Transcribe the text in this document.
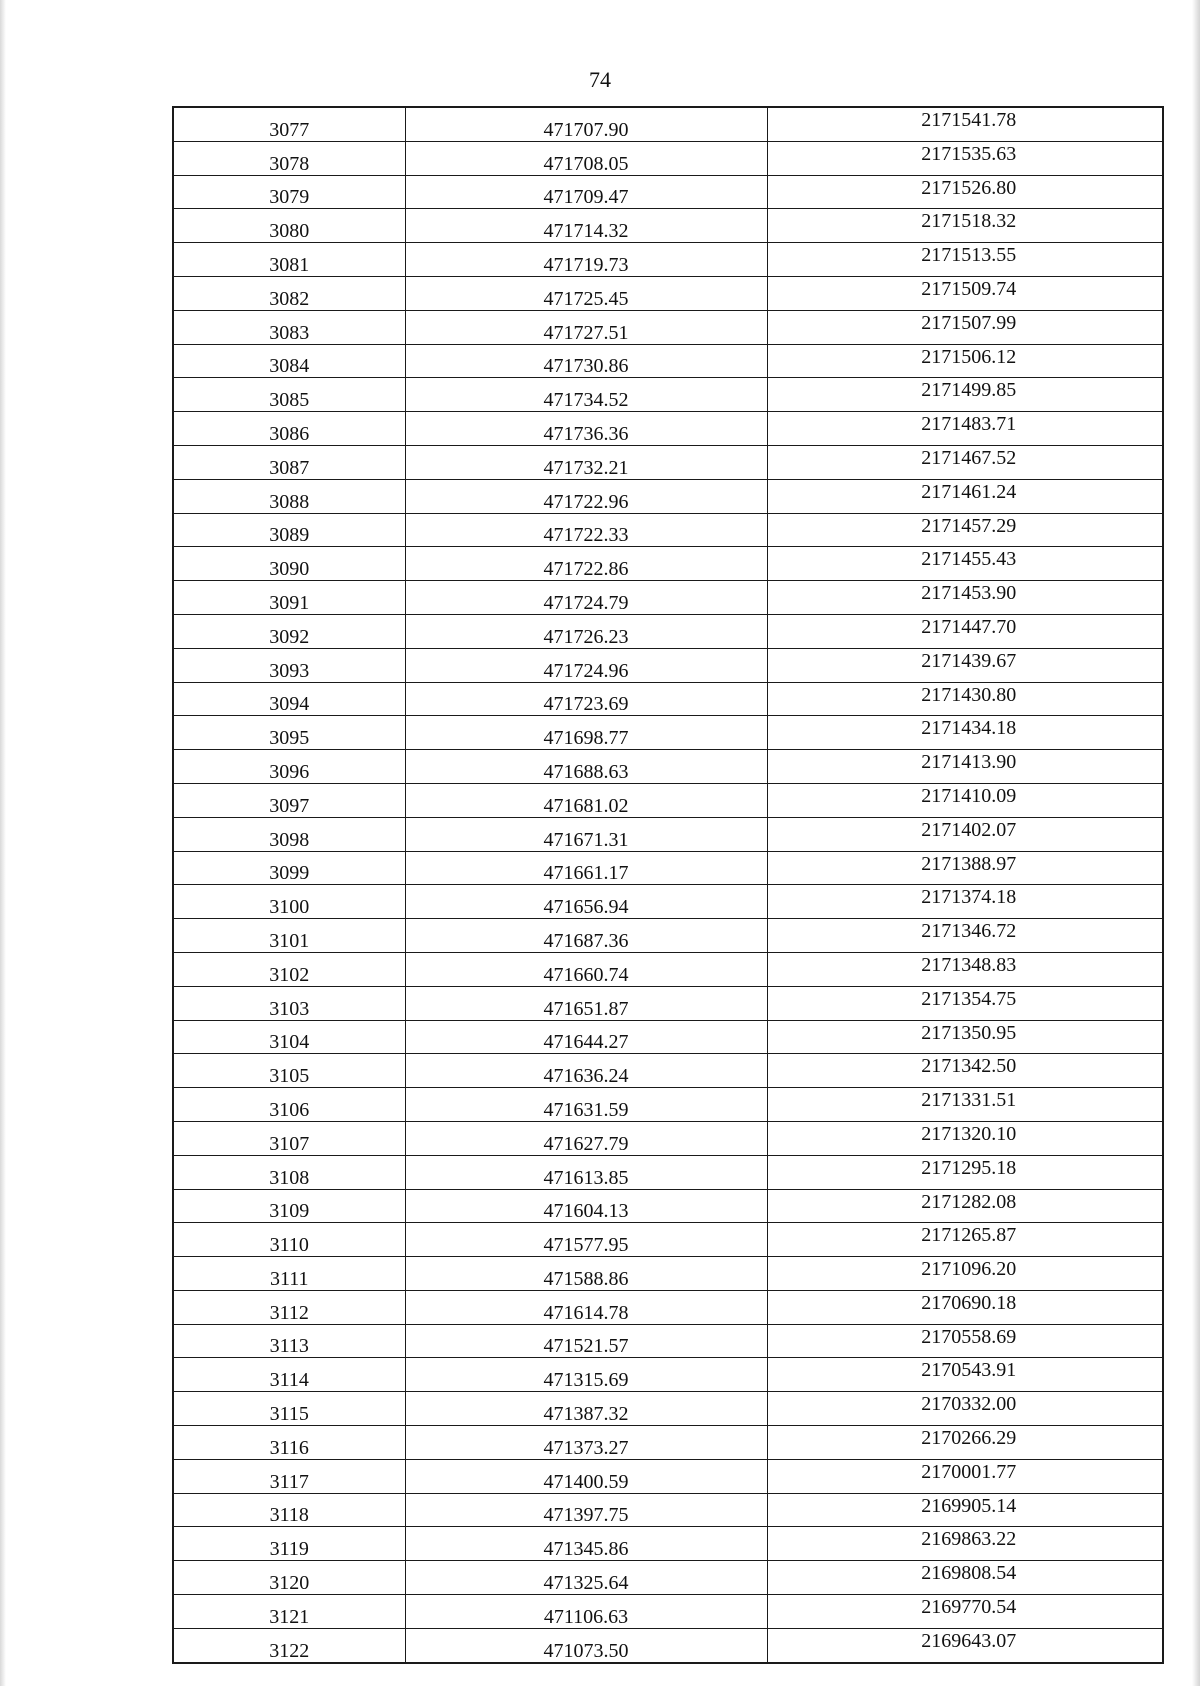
74
3077	471707.90	2171541.78
3078	471708.05	2171535.63
3079	471709.47	2171526.80
3080	471714.32	2171518.32
3081	471719.73	2171513.55
3082	471725.45	2171509.74
3083	471727.51	2171507.99
3084	471730.86	2171506.12
3085	471734.52	2171499.85
3086	471736.36	2171483.71
3087	471732.21	2171467.52
3088	471722.96	2171461.24
3089	471722.33	2171457.29
3090	471722.86	2171455.43
3091	471724.79	2171453.90
3092	471726.23	2171447.70
3093	471724.96	2171439.67
3094	471723.69	2171430.80
3095	471698.77	2171434.18
3096	471688.63	2171413.90
3097	471681.02	2171410.09
3098	471671.31	2171402.07
3099	471661.17	2171388.97
3100	471656.94	2171374.18
3101	471687.36	2171346.72
3102	471660.74	2171348.83
3103	471651.87	2171354.75
3104	471644.27	2171350.95
3105	471636.24	2171342.50
3106	471631.59	2171331.51
3107	471627.79	2171320.10
3108	471613.85	2171295.18
3109	471604.13	2171282.08
3110	471577.95	2171265.87
3111	471588.86	2171096.20
3112	471614.78	2170690.18
3113	471521.57	2170558.69
3114	471315.69	2170543.91
3115	471387.32	2170332.00
3116	471373.27	2170266.29
3117	471400.59	2170001.77
3118	471397.75	2169905.14
3119	471345.86	2169863.22
3120	471325.64	2169808.54
3121	471106.63	2169770.54
3122	471073.50	2169643.07
